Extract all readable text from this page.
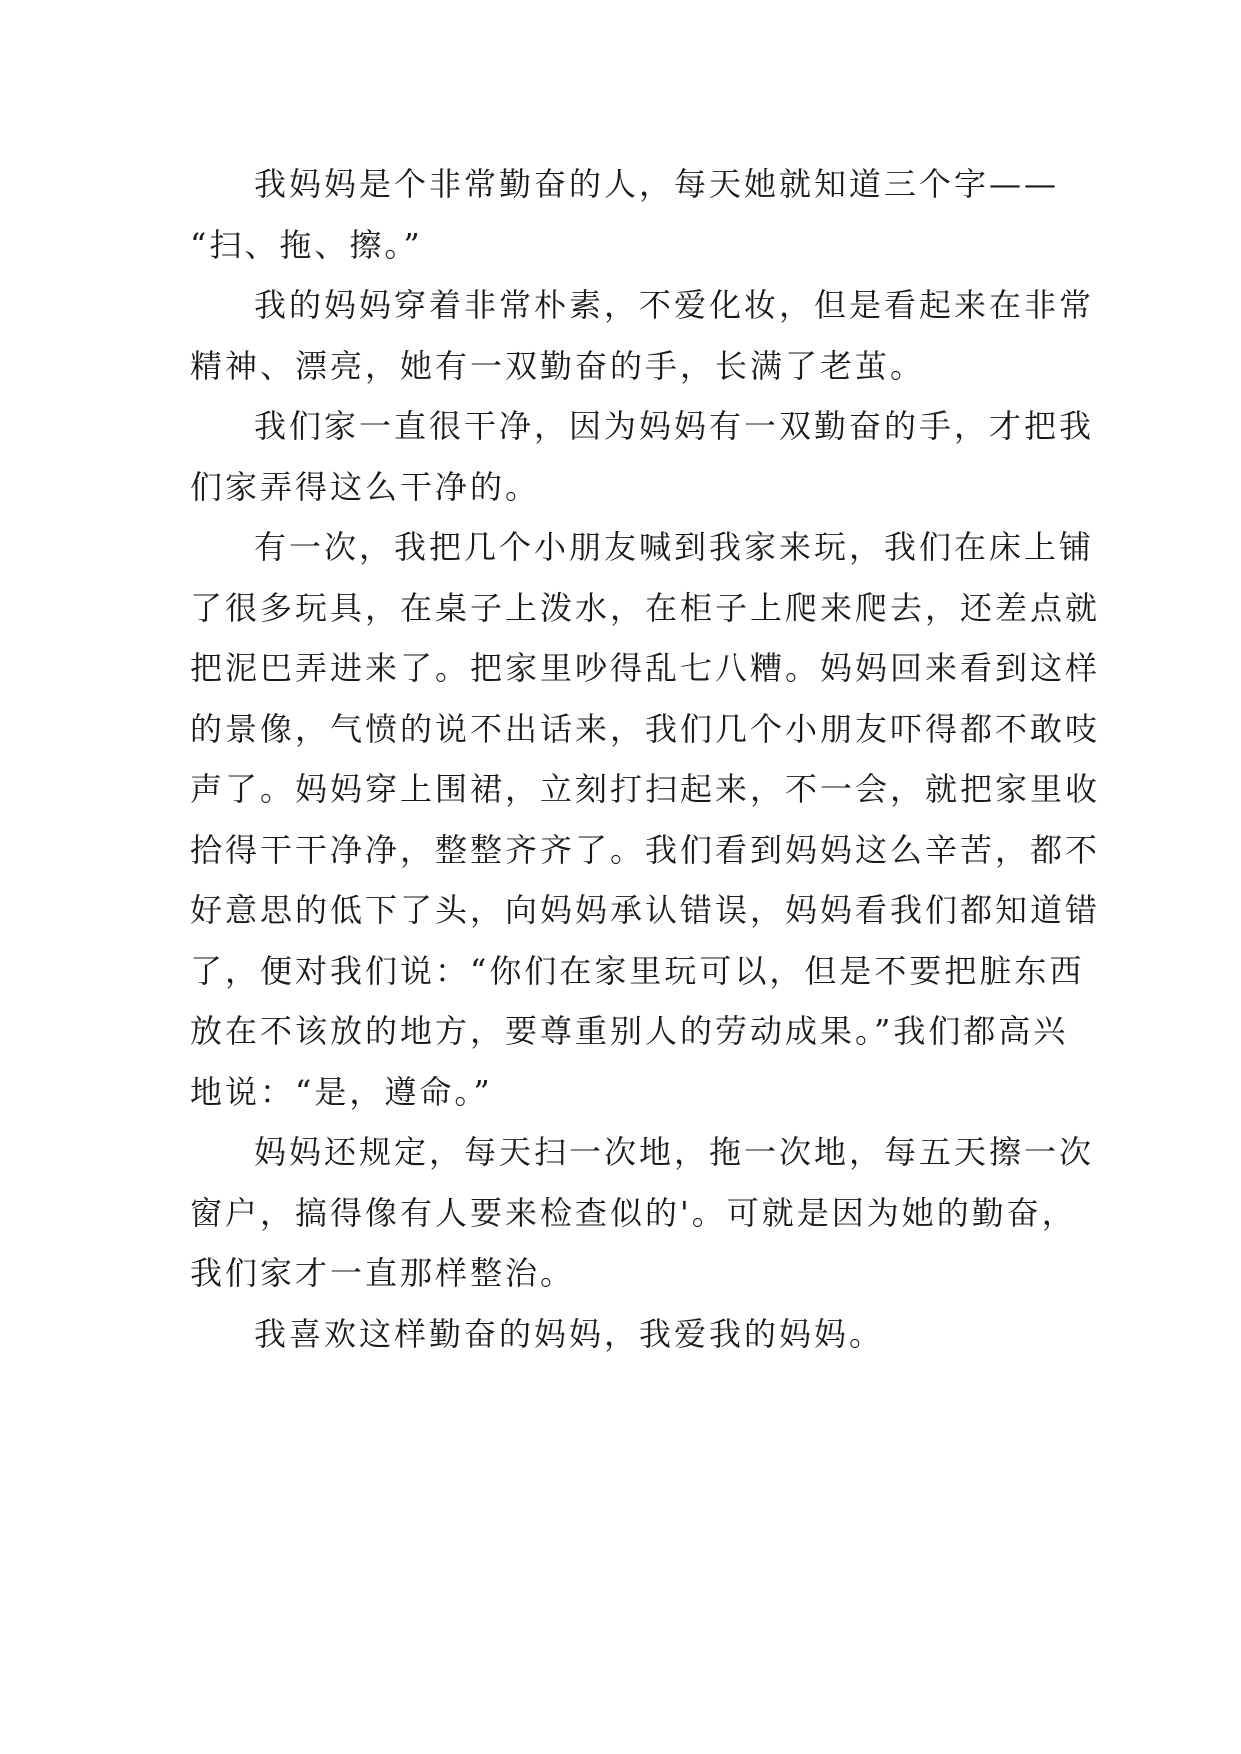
我妈妈是个非常勤奋的人，每天她就知道三个字——
“扫、拖、擦。”
我的妈妈穿着非常朴素，不爱化妆，但是看起来在非常
精神、漂亮，她有一双勤奋的手，长满了老茧。
我们家一直很干净，因为妈妈有一双勤奋的手，才把我
们家弄得这么干净的。
有一次，我把几个小朋友喊到我家来玩，我们在床上铺
了很多玩具，在桌子上泼水，在柜子上爬来爬去，还差点就
把泥巴弄进来了。把家里吵得乱七八糟。妈妈回来看到这样
的景像，气愤的说不出话来，我们几个小朋友吓得都不敢吱
声了。妈妈穿上围裙，立刻打扫起来，不一会，就把家里收
拾得干干净净，整整齐齐了。我们看到妈妈这么辛苦，都不
好意思的低下了头，向妈妈承认错误，妈妈看我们都知道错
了，便对我们说：“你们在家里玩可以，但是不要把脏东西
放在不该放的地方，要尊重别人的劳动成果。”我们都高兴
地说：“是，遵命。”
妈妈还规定，每天扫一次地，拖一次地，每五天擦一次
窗户，搞得像有人要来检查似的'。可就是因为她的勤奋，
我们家才一直那样整治。
我喜欢这样勤奋的妈妈，我爱我的妈妈。
